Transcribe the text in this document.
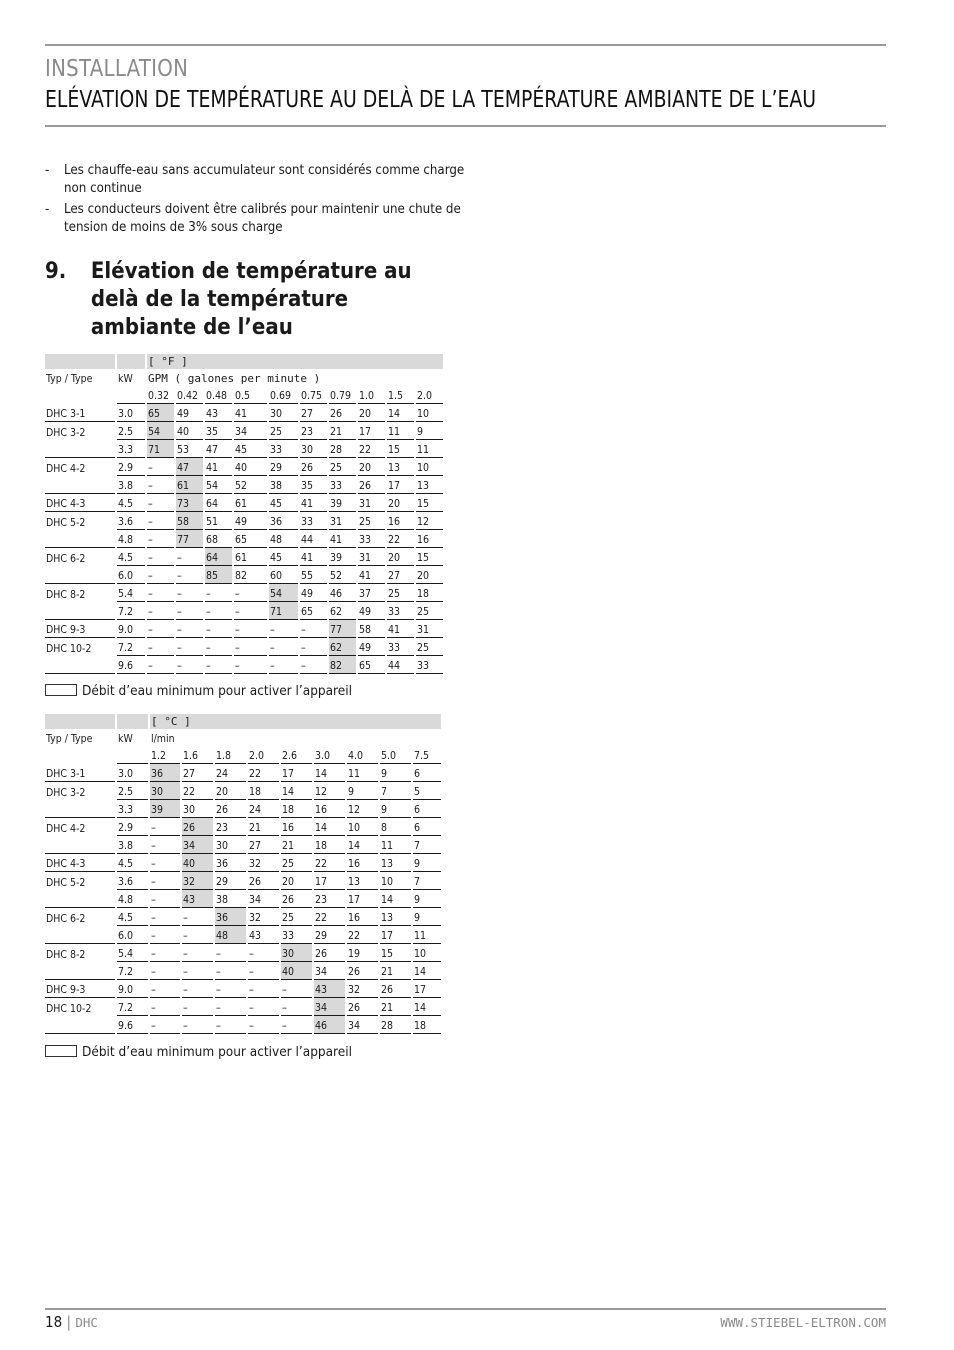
INSTALLATION
ELÉVATION DE TEMPÉRATURE AU DELÀ DE LA TEMPÉRATURE AMBIANTE DE L’EAU
- Les chauffe-eau sans accumulateur sont considérés comme charge non continue
- Les conducteurs doivent être calibrés pour maintenir une chute de tension de moins de 3% sous charge
9. Elévation de température au delà de la température ambiante de l’eau
		[ °F ]									
Typ / Type	kW	GPM ( galones per minute )									
		0.32	0.42	0.48	0.5	0.69	0.75	0.79	1.0	1.5	2.0
DHC 3-1	3.0	65	49	43	41	30	27	26	20	14	10
DHC 3-2	2.5	54	40	35	34	25	23	21	17	11	9
	3.3	71	53	47	45	33	30	28	22	15	11
DHC 4-2	2.9	–	47	41	40	29	26	25	20	13	10
	3.8	–	61	54	52	38	35	33	26	17	13
DHC 4-3	4.5	–	73	64	61	45	41	39	31	20	15
DHC 5-2	3.6	–	58	51	49	36	33	31	25	16	12
	4.8	–	77	68	65	48	44	41	33	22	16
DHC 6-2	4.5	–	–	64	61	45	41	39	31	20	15
	6.0	–	–	85	82	60	55	52	41	27	20
DHC 8-2	5.4	–	–	–	–	54	49	46	37	25	18
	7.2	–	–	–	–	71	65	62	49	33	25
DHC 9-3	9.0	–	–	–	–	–	–	77	58	41	31
DHC 10-2	7.2	–	–	–	–	–	–	62	49	33	25
	9.6	–	–	–	–	–	–	82	65	44	33
Débit d’eau minimum pour activer l’appareil
		[ °C ]								
Typ / Type	kW	l/min								
		1.2	1.6	1.8	2.0	2.6	3.0	4.0	5.0	7.5
DHC 3-1	3.0	36	27	24	22	17	14	11	9	6
DHC 3-2	2.5	30	22	20	18	14	12	9	7	5
	3.3	39	30	26	24	18	16	12	9	6
DHC 4-2	2.9	–	26	23	21	16	14	10	8	6
	3.8	–	34	30	27	21	18	14	11	7
DHC 4-3	4.5	–	40	36	32	25	22	16	13	9
DHC 5-2	3.6	–	32	29	26	20	17	13	10	7
	4.8	–	43	38	34	26	23	17	14	9
DHC 6-2	4.5	–	–	36	32	25	22	16	13	9
	6.0	–	–	48	43	33	29	22	17	11
DHC 8-2	5.4	–	–	–	–	30	26	19	15	10
	7.2	–	–	–	–	40	34	26	21	14
DHC 9-3	9.0	–	–	–	–	–	43	32	26	17
DHC 10-2	7.2	–	–	–	–	–	34	26	21	14
	9.6	–	–	–	–	–	46	34	28	18
Débit d’eau minimum pour activer l’appareil
18 | DHC	WWW.STIEBEL-ELTRON.COM
